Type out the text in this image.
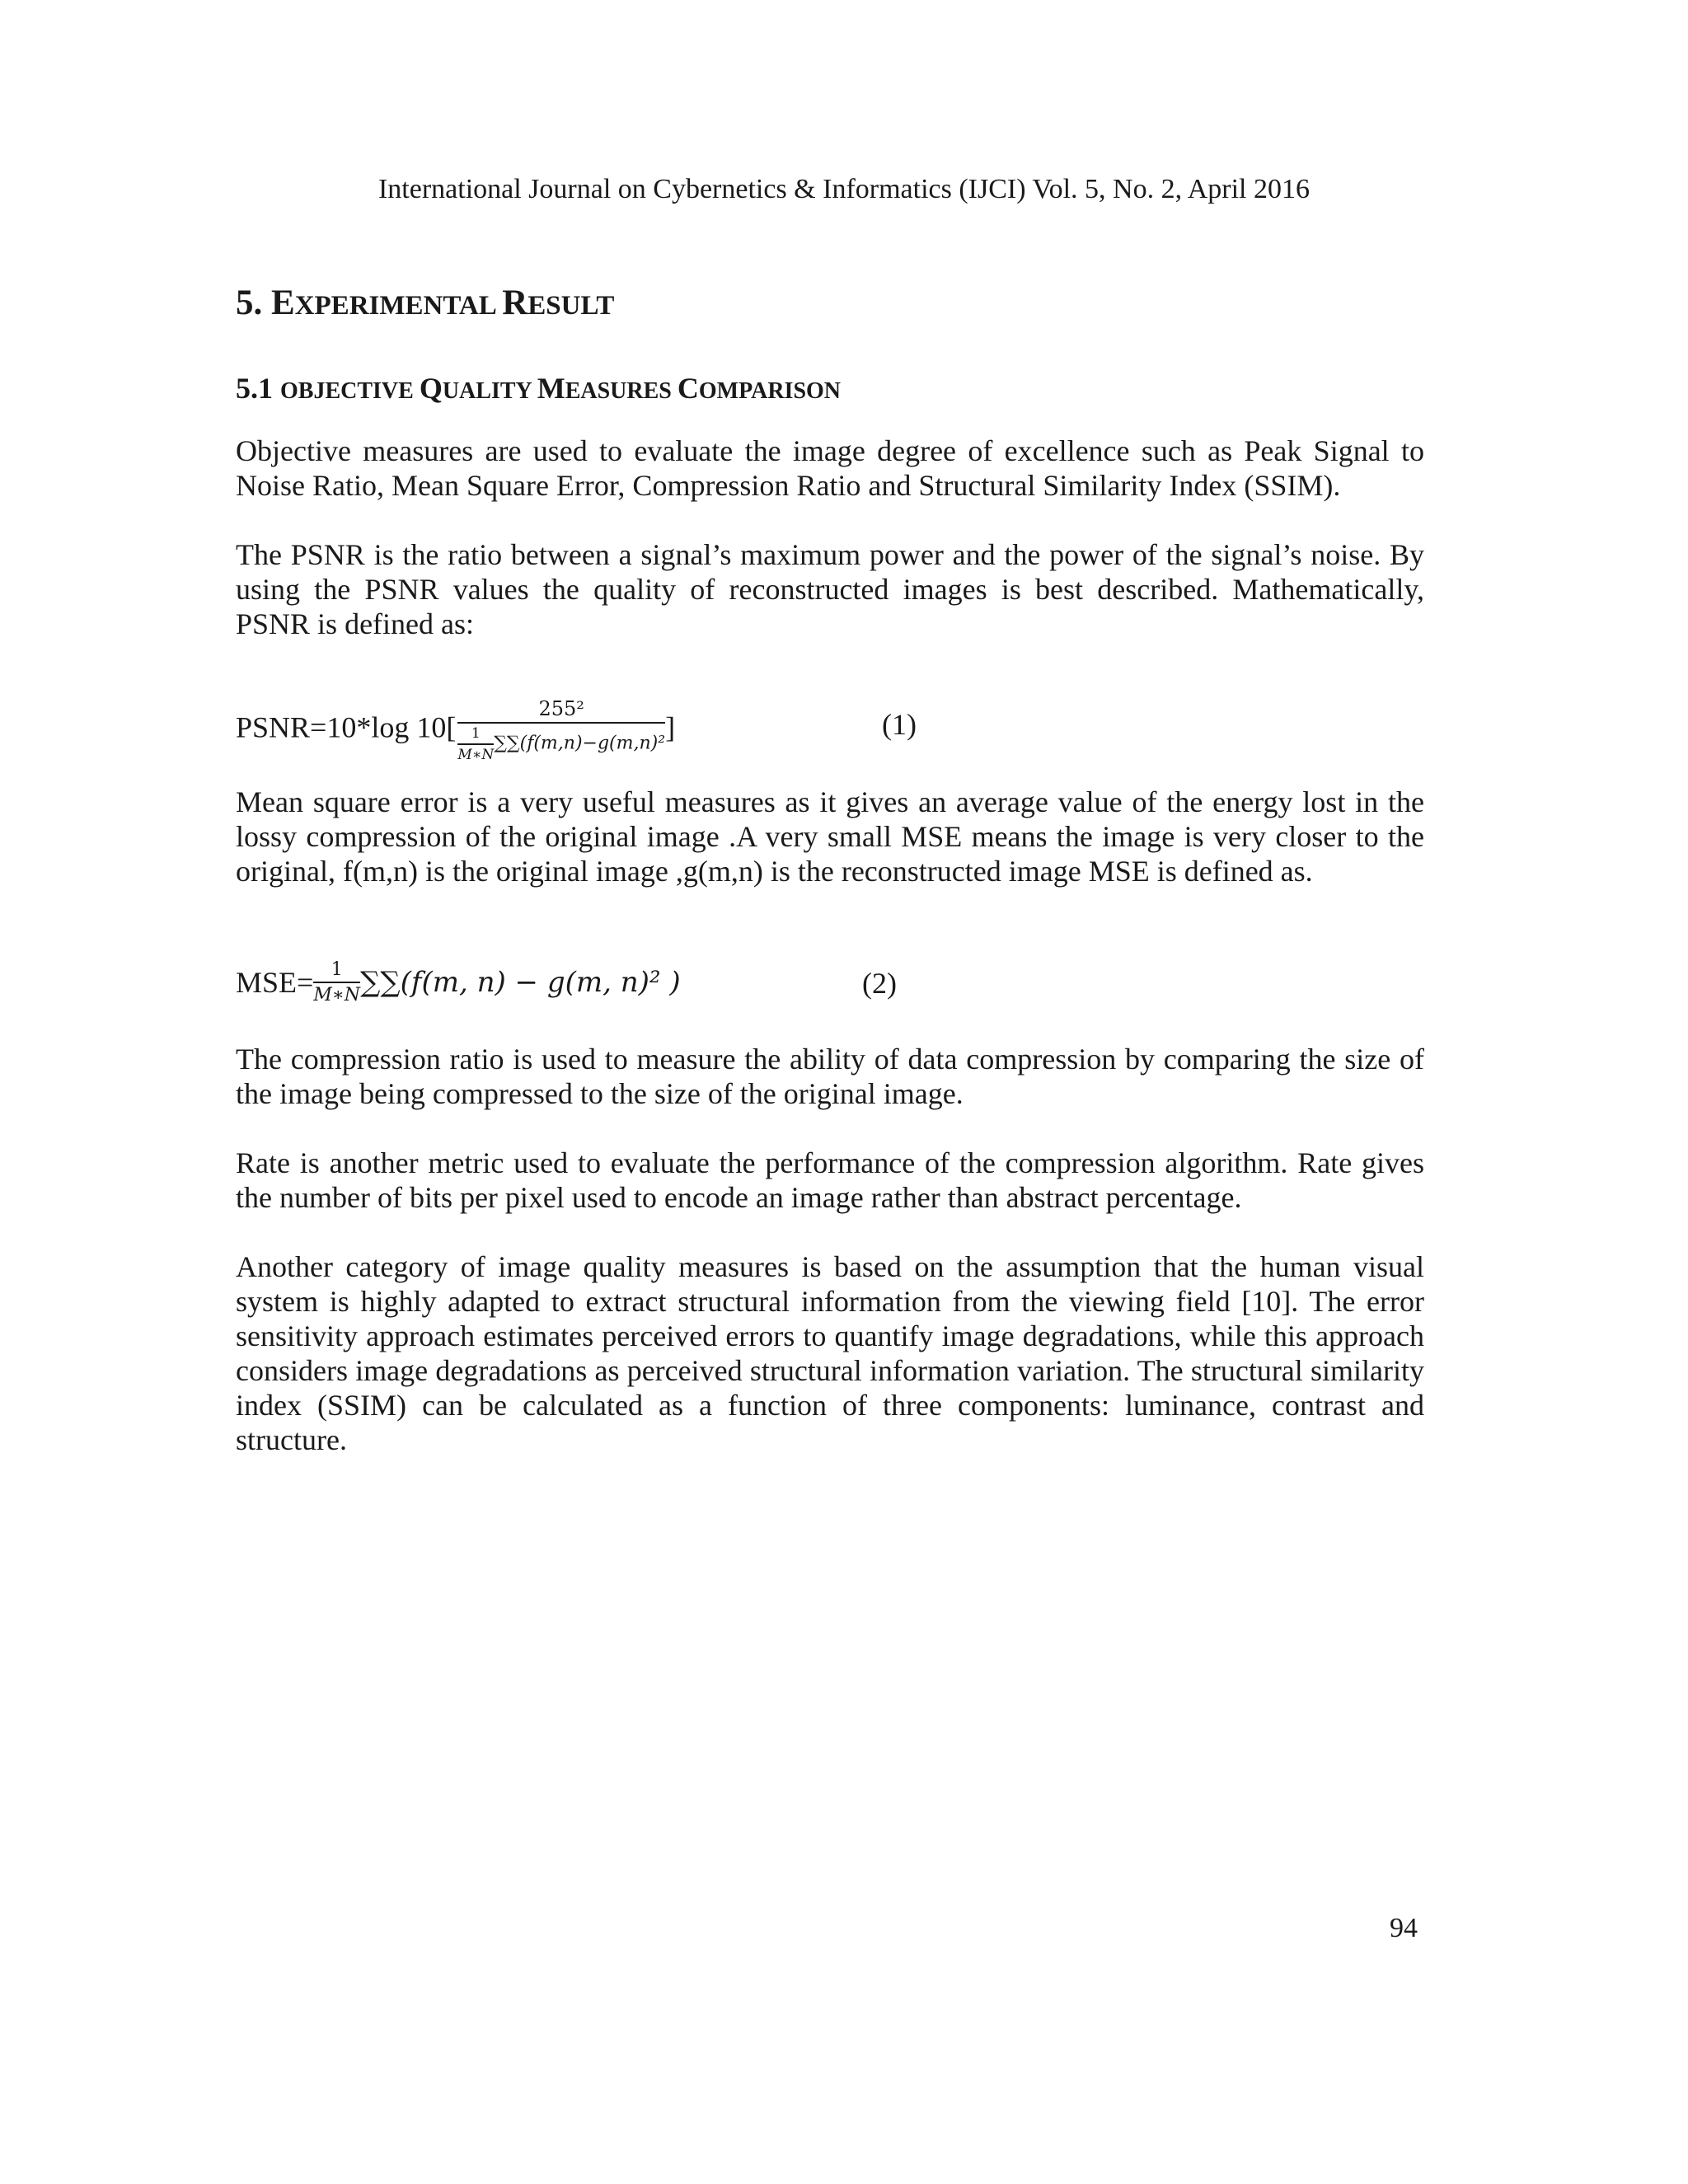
International Journal on Cybernetics & Informatics (IJCI) Vol. 5, No. 2, April 2016
5. EXPERIMENTAL RESULT
5.1 OBJECTIVE QUALITY MEASURES COMPARISON

Objective measures are used to evaluate the image degree of excellence such as Peak Signal to Noise Ratio, Mean Square Error, Compression Ratio and Structural Similarity Index (SSIM).

The PSNR is the ratio between a signal’s maximum power and the power of the signal’s noise. By using the PSNR values the quality of reconstructed images is best described. Mathematically, PSNR is defined as:

PSNR=10*log $10[ \frac{\text{255²}}{\frac{1}{M∗N} \sum\sum(f(m,n)-g(m,n)^2}$ ]	(1)

Mean square error is a very useful measures as it gives an average value of the energy lost in the lossy compression of the original image .A very small MSE means the image is very closer to the original, f(m,n) is the original image ,g(m,n) is the reconstructed image MSE is defined as.

$MSE= \frac{1}{M∗N} \sum\sum(f(m$, n) − g(m, n)² )	(2)

The compression ratio is used to measure the ability of data compression by comparing the size of the image being compressed to the size of the original image.

Rate is another metric used to evaluate the performance of the compression algorithm. Rate gives the number of bits per pixel used to encode an image rather than abstract percentage.

Another category of image quality measures is based on the assumption that the human visual system is highly adapted to extract structural information from the viewing field [10]. The error sensitivity approach estimates perceived errors to quantify image degradations, while this approach considers image degradations as perceived structural information variation. The structural similarity index (SSIM) can be calculated as a function of three components: luminance, contrast and structure.

94
